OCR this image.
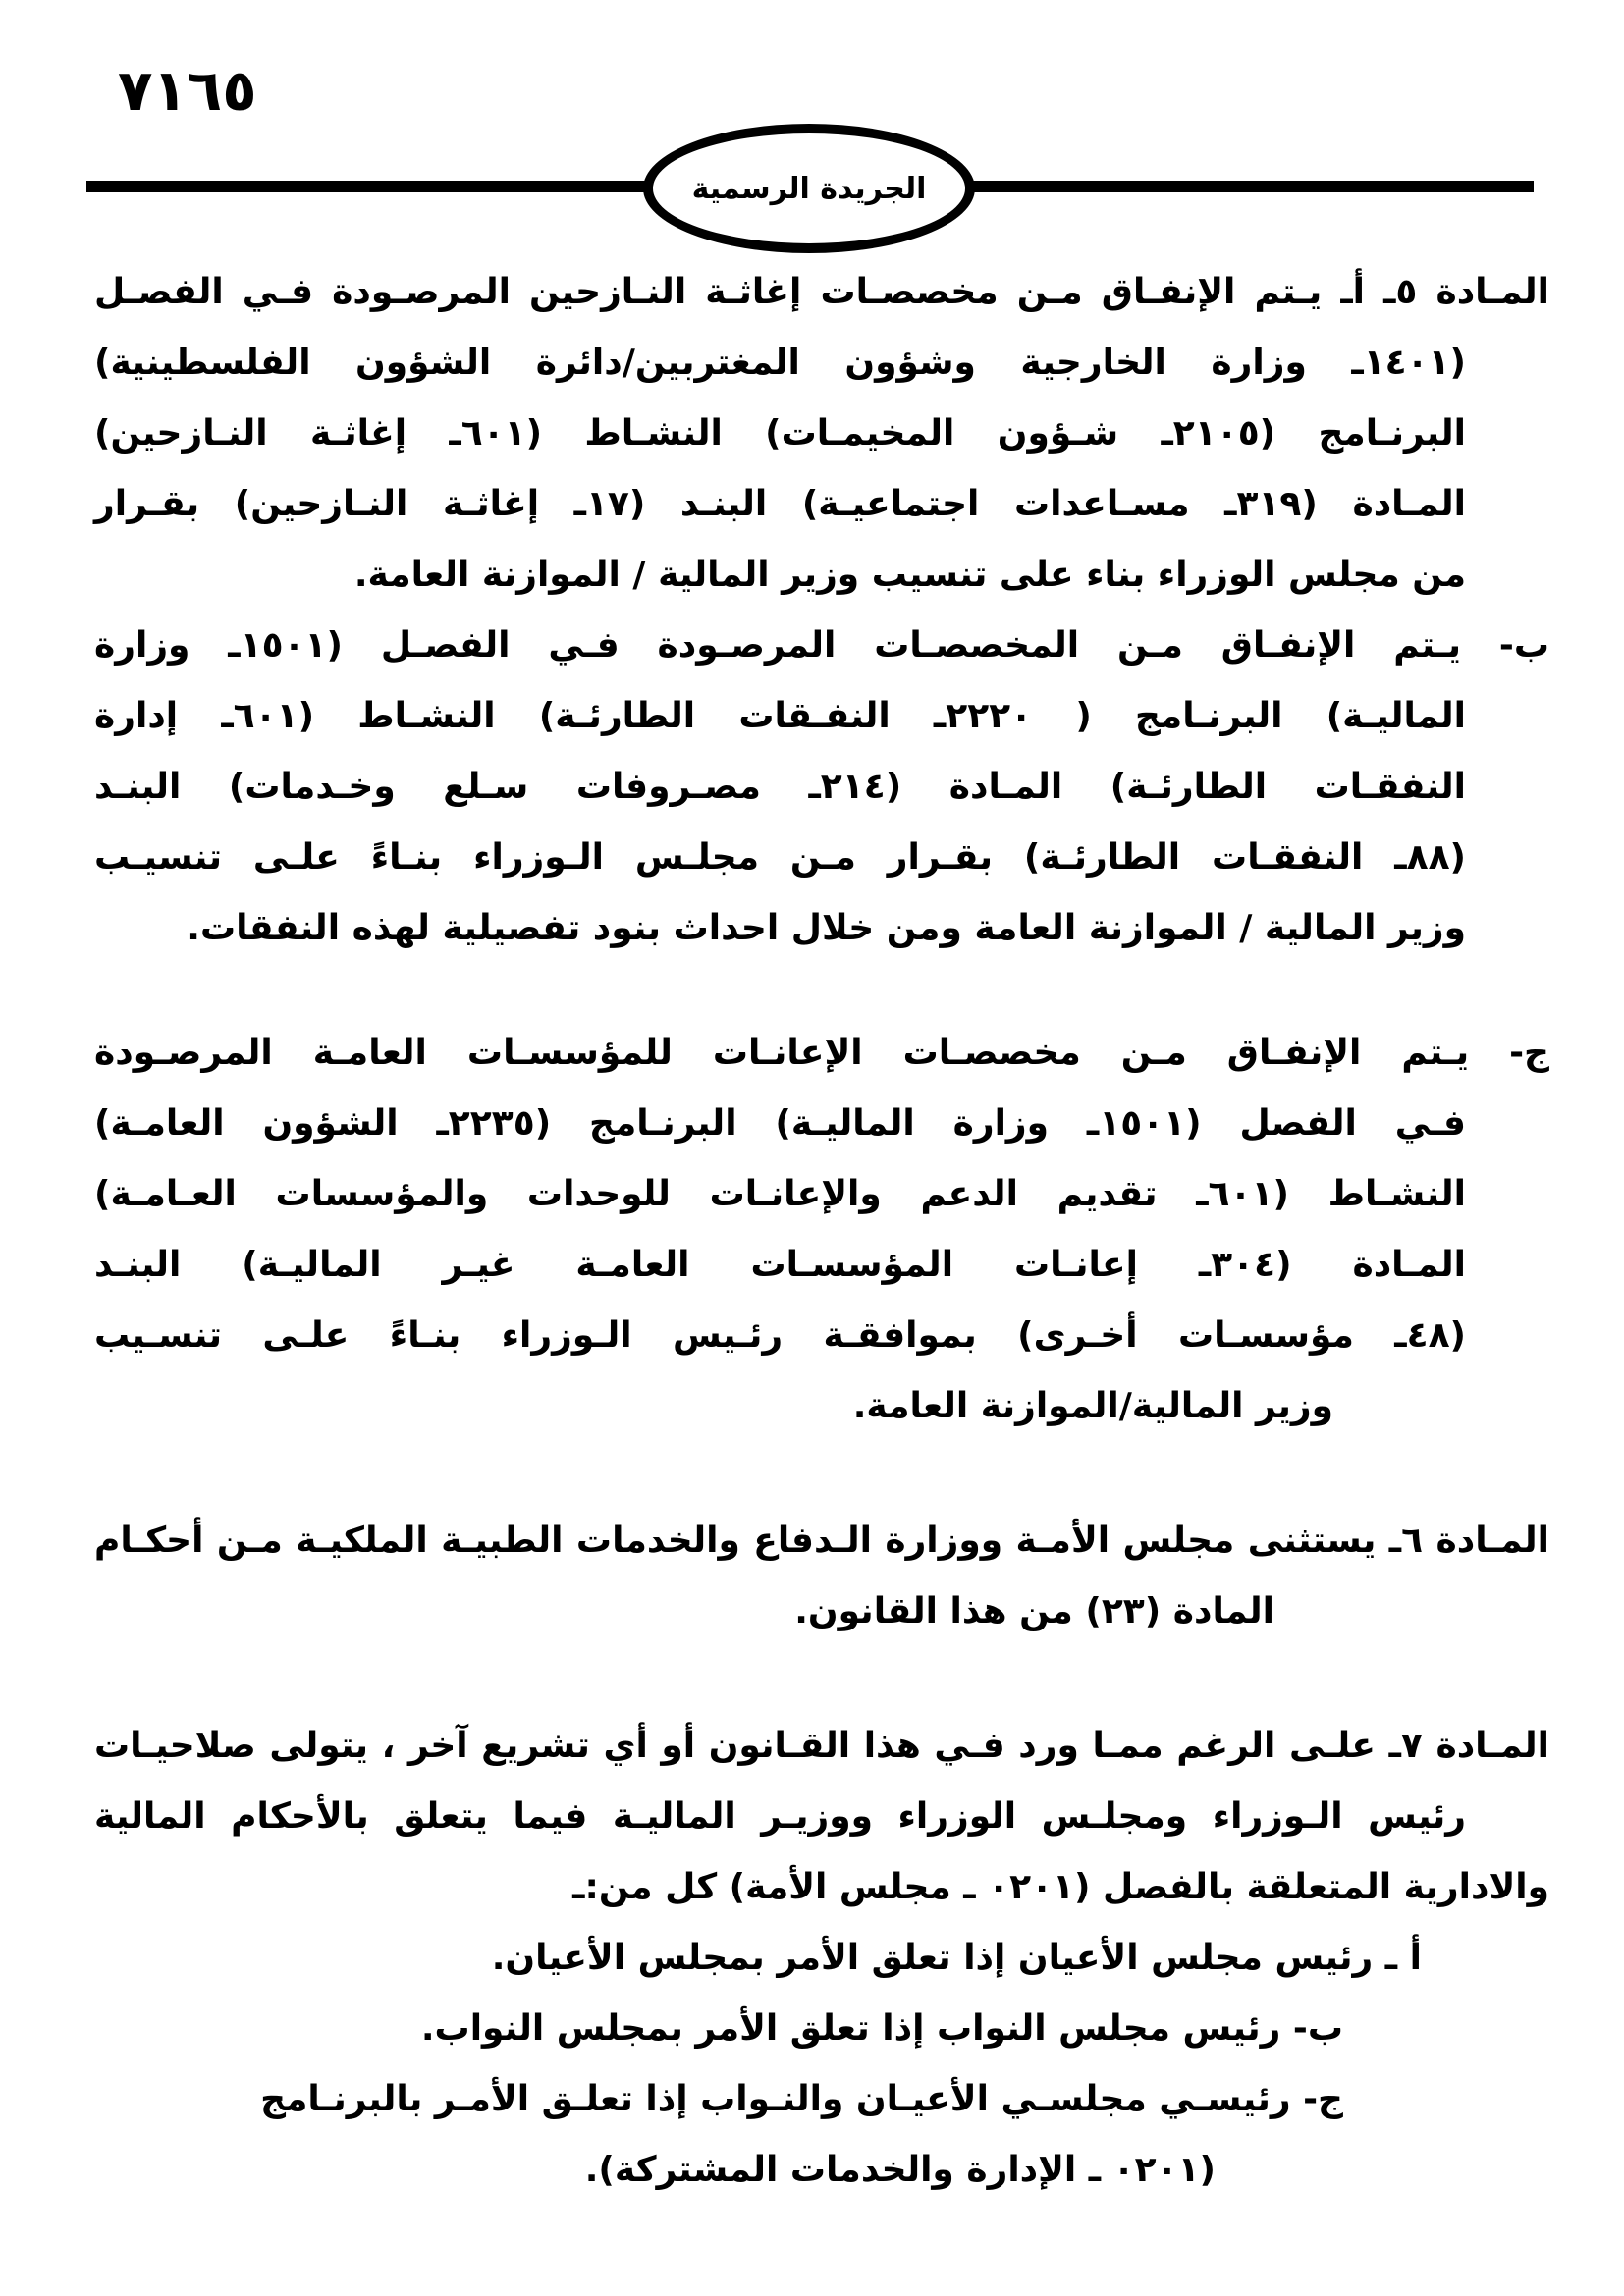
٧١٦٥
الجريدة الرسمية
المـادة ٥ـ أـ يـتم الإنفـاق مـن مخصصـات إغاثـة النـازحين المرصـودة فـي الفصـل
(١٤٠١ـ وزارة الخارجية وشؤون المغتربين/دائرة الشؤون الفلسطينية)
البرنـامج (٢١٠٥ـ شـؤون المخيمـات) النشـاط (٦٠١ـ إغاثـة النـازحين)
المـادة (٣١٩ـ مسـاعدات اجتماعيـة) البنـد (١٧ـ إغاثـة النـازحين) بقـرار
من مجلس الوزراء بناء على تنسيب وزير المالية / الموازنة العامة.
ب- يـتم الإنفـاق مـن المخصصـات المرصـودة فـي الفصـل (١٥٠١ـ وزارة
الماليـة) البرنـامج ( ٢٢٢٠ـ النفـقات الطارئـة) النشـاط (٦٠١ـ إدارة
النفقـات الطارئـة) المـادة (٢١٤ـ مصـروفات سـلع وخـدمات) البنـد
(٨٨ـ النفقـات الطارئـة) بقـرار مـن مجلـس الـوزراء بنـاءً علـى تنسيـب
وزير المالية / الموازنة العامة ومن خلال احداث بنود تفصيلية لهذه النفقات.
ج- يـتم الإنفـاق مـن مخصصـات الإعانـات للمؤسسـات العامـة المرصـودة
فـي الفصل (١٥٠١ـ وزارة الماليـة) البرنـامج (٢٢٣٥ـ الشؤون العامـة)
النشـاط (٦٠١ـ تقديم الدعم والإعانـات للوحدات والمؤسسات العـامـة)
المـادة (٣٠٤ـ إعانـات المؤسسـات العامـة غيـر الماليـة) البنـد
(٤٨ـ مؤسسـات أخـرى) بموافقـة رئـيس الـوزراء بنـاءً علـى تنسـيب
وزير المالية/الموازنة العامة.
المـادة ٦ـ يستثنى مجلس الأمـة ووزارة الـدفاع والخدمات الطبيـة الملكيـة مـن أحكـام
المادة (٢٣) من هذا القانون.
المـادة ٧ـ علـى الرغم ممـا ورد فـي هذا القـانون أو أي تشريع آخر ، يتولى صلاحيـات
رئيس الـوزراء ومجلـس الوزراء ووزيـر الماليـة فيما يتعلق بالأحكام المالية
والادارية المتعلقة بالفصل (٠٢٠١ ـ مجلس الأمة) كل من:ـ
أ ـ رئيس مجلس الأعيان إذا تعلق الأمر بمجلس الأعيان.
ب- رئيس مجلس النواب إذا تعلق الأمر بمجلس النواب.
ج- رئيسـي مجلسـي الأعيـان والنـواب إذا تعلـق الأمـر بالبرنـامج
(٠٢٠١ ـ الإدارة والخدمات المشتركة).
